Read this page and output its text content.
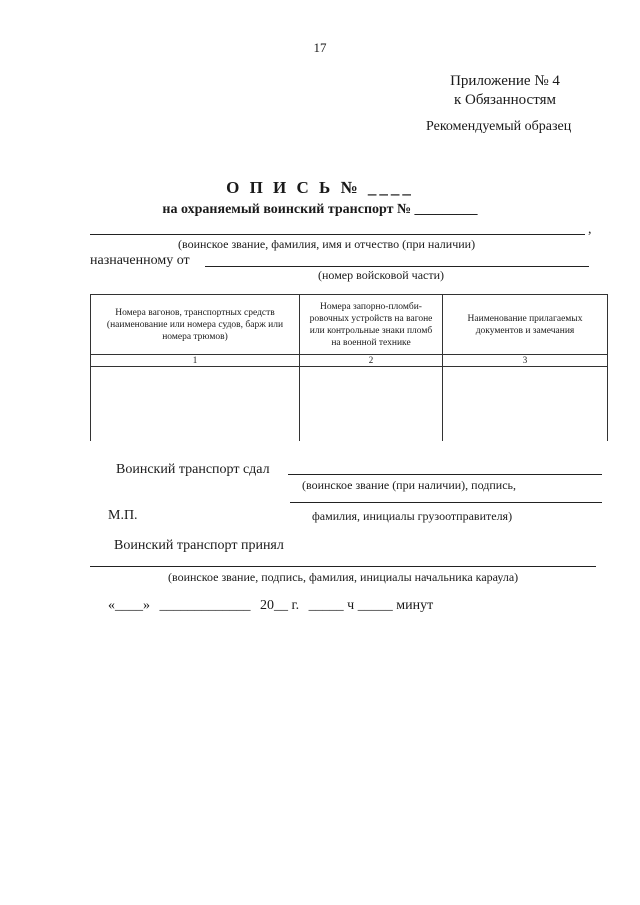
17
Приложение № 4
к Обязанностям
Рекомендуемый образец
О П И С Ь № ____
на охраняемый воинский транспорт № _________
,
(воинское звание, фамилия, имя и отчество (при наличии)
назначенному от
(номер войсковой части)
Номера вагонов, транспортных средств (наименование или номера судов, барж или номера трюмов)	Номера запорно-пломби-ровочных устройств на вагоне или контрольные знаки пломб на военной технике	Наименование прилагаемых документов и замечания
1	2	3

Воинский транспорт сдал
(воинское звание (при наличии), подпись,
М.П.	фамилия, инициалы грузоотправителя)
Воинский транспорт принял
(воинское звание, подпись, фамилия, инициалы начальника караула)
«____» _____________ 20__ г. _____ ч _____ минут
